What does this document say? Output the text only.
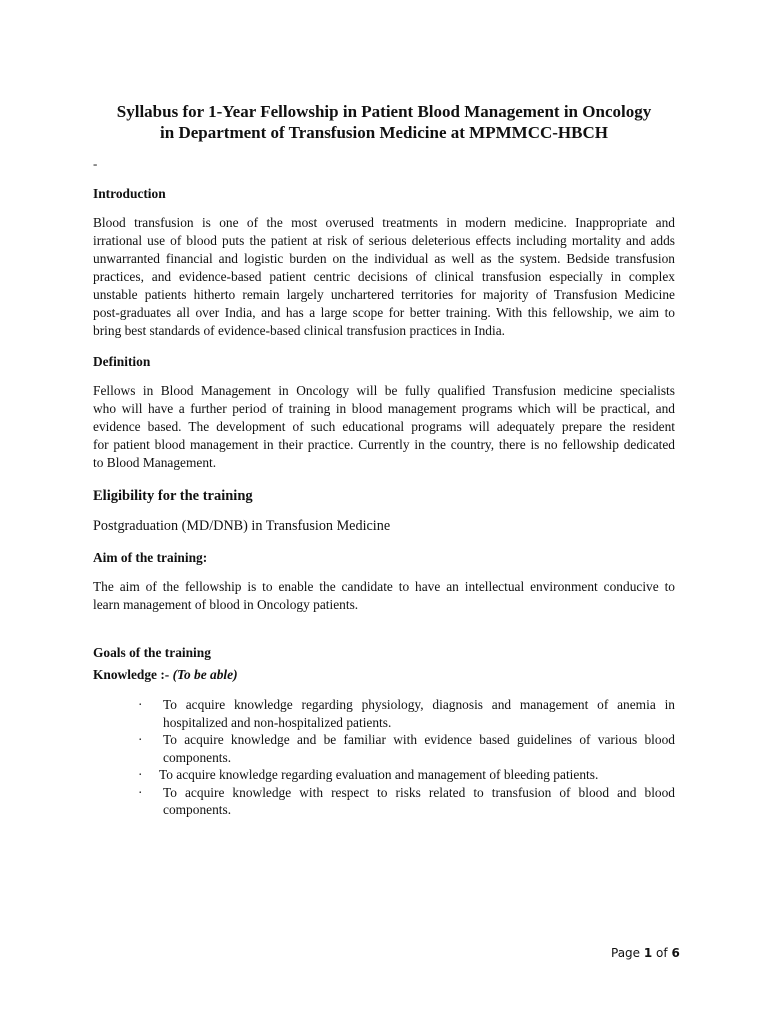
Syllabus for 1-Year Fellowship in Patient Blood Management in Oncology
in Department of Transfusion Medicine at MPMMCC-HBCH
-
Introduction
Blood transfusion is one of the most overused treatments in modern medicine. Inappropriate and
irrational use of blood puts the patient at risk of serious deleterious effects including mortality and adds
unwarranted financial and logistic burden on the individual as well as the system. Bedside transfusion
practices, and evidence-based patient centric decisions of clinical transfusion especially in complex
unstable patients hitherto remain largely unchartered territories for majority of Transfusion Medicine
post-graduates all over India, and has a large scope for better training. With this fellowship, we aim to
bring best standards of evidence-based clinical transfusion practices in India.
Definition
Fellows in Blood Management in Oncology will be fully qualified Transfusion medicine specialists
who will have a further period of training in blood management programs which will be practical, and
evidence based. The development of such educational programs will adequately prepare the resident
for patient blood management in their practice. Currently in the country, there is no fellowship dedicated
to Blood Management.
Eligibility for the training
Postgraduation (MD/DNB) in Transfusion Medicine
Aim of the training:
The aim of the fellowship is to enable the candidate to have an intellectual environment conducive to
learn management of blood in Oncology patients.
Goals of the training
Knowledge :- (To be able)
· To acquire knowledge regarding physiology, diagnosis and management of anemia in
hospitalized and non-hospitalized patients.
· To acquire knowledge and be familiar with evidence based guidelines of various blood
components.
· To acquire knowledge regarding evaluation and management of bleeding patients.
· To acquire knowledge with respect to risks related to transfusion of blood and blood
components.
Page 1 of 6
